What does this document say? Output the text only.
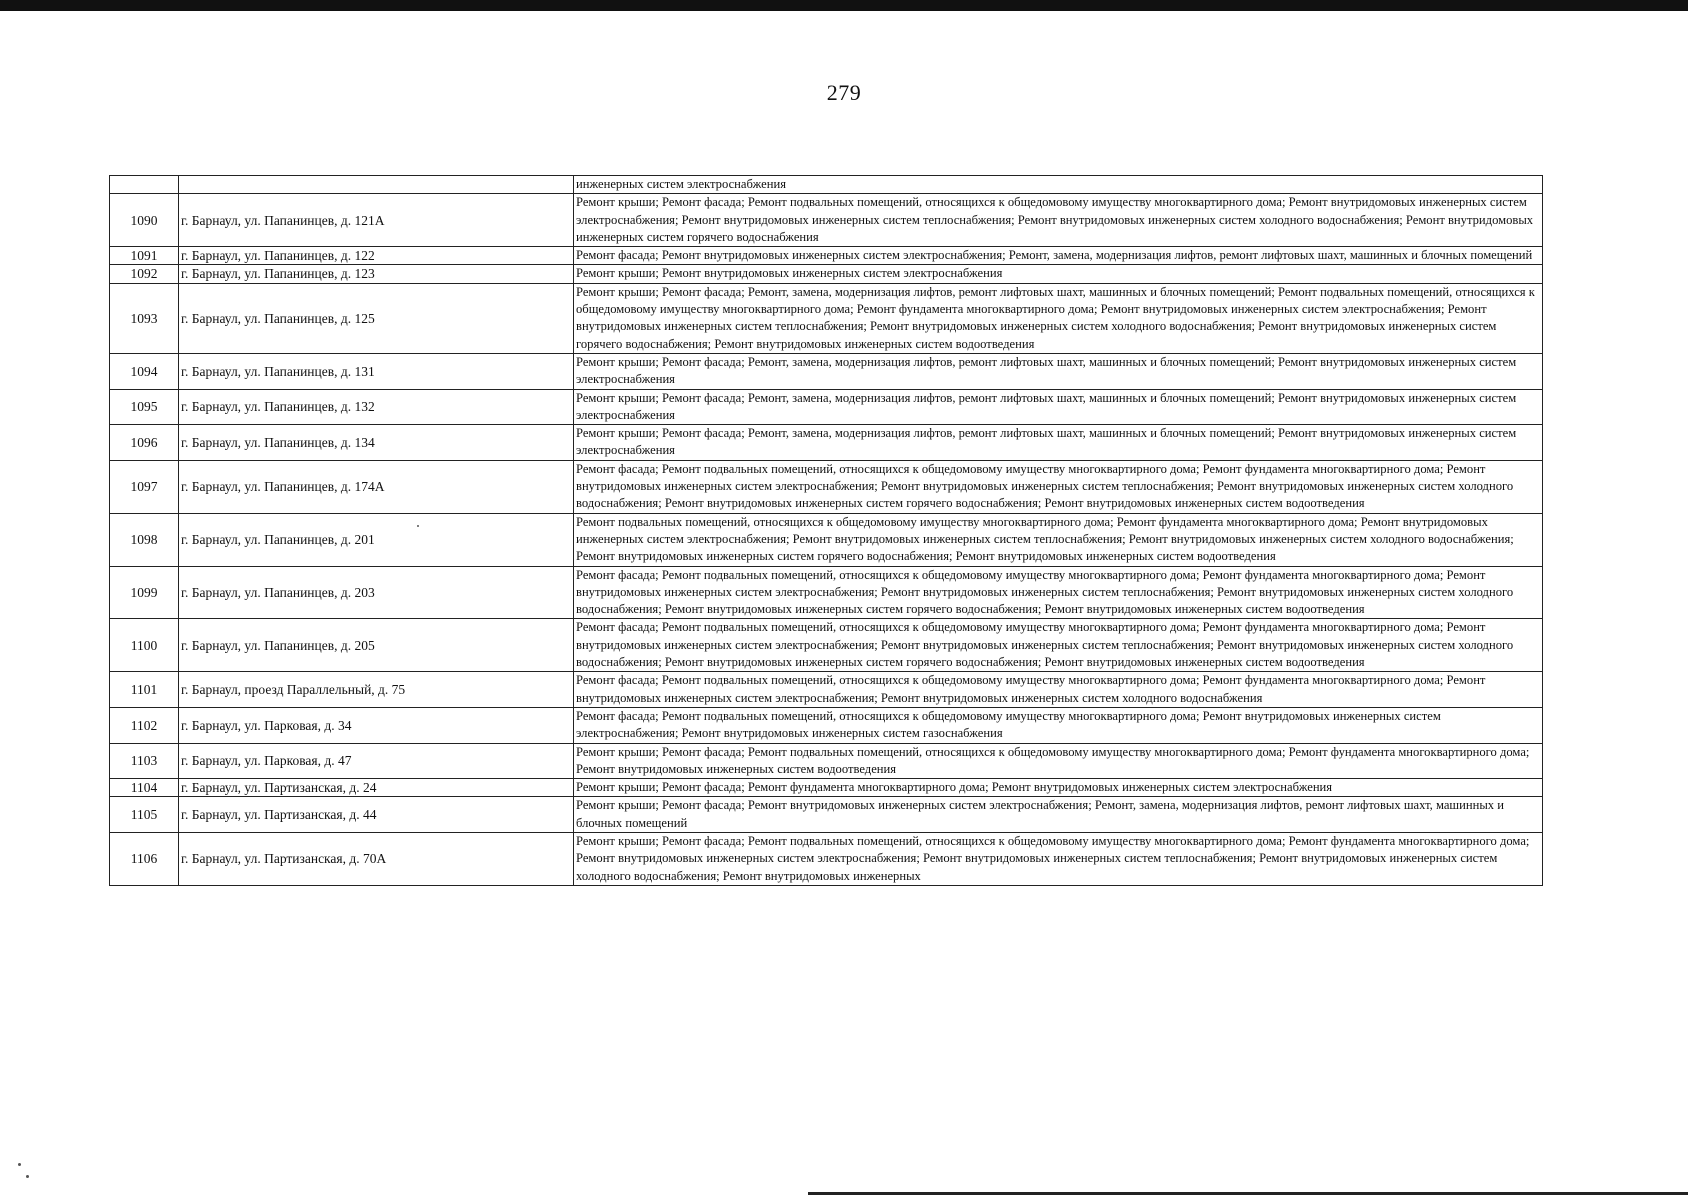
279
		инженерных систем электроснабжения
1090	г. Барнаул, ул. Папанинцев, д. 121А	Ремонт крыши; Ремонт фасада; Ремонт подвальных помещений, относящихся к общедомовому имуществу многоквартирного дома; Ремонт внутридомовых инженерных систем электроснабжения; Ремонт внутридомовых инженерных систем теплоснабжения; Ремонт внутридомовых инженерных систем холодного водоснабжения; Ремонт внутридомовых инженерных систем горячего водоснабжения
1091	г. Барнаул, ул. Папанинцев, д. 122	Ремонт фасада; Ремонт внутридомовых инженерных систем электроснабжения; Ремонт, замена, модернизация лифтов, ремонт лифтовых шахт, машинных и блочных помещений
1092	г. Барнаул, ул. Папанинцев, д. 123	Ремонт крыши; Ремонт внутридомовых инженерных систем электроснабжения
1093	г. Барнаул, ул. Папанинцев, д. 125	Ремонт крыши; Ремонт фасада; Ремонт, замена, модернизация лифтов, ремонт лифтовых шахт, машинных и блочных помещений; Ремонт подвальных помещений, относящихся к общедомовому имуществу многоквартирного дома; Ремонт фундамента многоквартирного дома; Ремонт внутридомовых инженерных систем электроснабжения; Ремонт внутридомовых инженерных систем теплоснабжения; Ремонт внутридомовых инженерных систем холодного водоснабжения; Ремонт внутридомовых инженерных систем горячего водоснабжения; Ремонт внутридомовых инженерных систем водоотведения
1094	г. Барнаул, ул. Папанинцев, д. 131	Ремонт крыши; Ремонт фасада; Ремонт, замена, модернизация лифтов, ремонт лифтовых шахт, машинных и блочных помещений; Ремонт внутридомовых инженерных систем электроснабжения
1095	г. Барнаул, ул. Папанинцев, д. 132	Ремонт крыши; Ремонт фасада; Ремонт, замена, модернизация лифтов, ремонт лифтовых шахт, машинных и блочных помещений; Ремонт внутридомовых инженерных систем электроснабжения
1096	г. Барнаул, ул. Папанинцев, д. 134	Ремонт крыши; Ремонт фасада; Ремонт, замена, модернизация лифтов, ремонт лифтовых шахт, машинных и блочных помещений; Ремонт внутридомовых инженерных систем электроснабжения
1097	г. Барнаул, ул. Папанинцев, д. 174А	Ремонт фасада; Ремонт подвальных помещений, относящихся к общедомовому имуществу многоквартирного дома; Ремонт фундамента многоквартирного дома; Ремонт внутридомовых инженерных систем электроснабжения; Ремонт внутридомовых инженерных систем теплоснабжения; Ремонт внутридомовых инженерных систем холодного водоснабжения; Ремонт внутридомовых инженерных систем горячего водоснабжения; Ремонт внутридомовых инженерных систем водоотведения
1098	г. Барнаул, ул. Папанинцев, д. 201	Ремонт подвальных помещений, относящихся к общедомовому имуществу многоквартирного дома; Ремонт фундамента многоквартирного дома; Ремонт внутридомовых инженерных систем электроснабжения; Ремонт внутридомовых инженерных систем теплоснабжения; Ремонт внутридомовых инженерных систем холодного водоснабжения; Ремонт внутридомовых инженерных систем горячего водоснабжения; Ремонт внутридомовых инженерных систем водоотведения
1099	г. Барнаул, ул. Папанинцев, д. 203	Ремонт фасада; Ремонт подвальных помещений, относящихся к общедомовому имуществу многоквартирного дома; Ремонт фундамента многоквартирного дома; Ремонт внутридомовых инженерных систем электроснабжения; Ремонт внутридомовых инженерных систем теплоснабжения; Ремонт внутридомовых инженерных систем холодного водоснабжения; Ремонт внутридомовых инженерных систем горячего водоснабжения; Ремонт внутридомовых инженерных систем водоотведения
1100	г. Барнаул, ул. Папанинцев, д. 205	Ремонт фасада; Ремонт подвальных помещений, относящихся к общедомовому имуществу многоквартирного дома; Ремонт фундамента многоквартирного дома; Ремонт внутридомовых инженерных систем электроснабжения; Ремонт внутридомовых инженерных систем теплоснабжения; Ремонт внутридомовых инженерных систем холодного водоснабжения; Ремонт внутридомовых инженерных систем горячего водоснабжения; Ремонт внутридомовых инженерных систем водоотведения
1101	г. Барнаул, проезд Параллельный, д. 75	Ремонт фасада; Ремонт подвальных помещений, относящихся к общедомовому имуществу многоквартирного дома; Ремонт фундамента многоквартирного дома; Ремонт внутридомовых инженерных систем электроснабжения; Ремонт внутридомовых инженерных систем холодного водоснабжения
1102	г. Барнаул, ул. Парковая, д. 34	Ремонт фасада; Ремонт подвальных помещений, относящихся к общедомовому имуществу многоквартирного дома; Ремонт внутридомовых инженерных систем электроснабжения; Ремонт внутридомовых инженерных систем газоснабжения
1103	г. Барнаул, ул. Парковая, д. 47	Ремонт крыши; Ремонт фасада; Ремонт подвальных помещений, относящихся к общедомовому имуществу многоквартирного дома; Ремонт фундамента многоквартирного дома; Ремонт внутридомовых инженерных систем водоотведения
1104	г. Барнаул, ул. Партизанская, д. 24	Ремонт крыши; Ремонт фасада; Ремонт фундамента многоквартирного дома; Ремонт внутридомовых инженерных систем электроснабжения
1105	г. Барнаул, ул. Партизанская, д. 44	Ремонт крыши; Ремонт фасада; Ремонт внутридомовых инженерных систем электроснабжения; Ремонт, замена, модернизация лифтов, ремонт лифтовых шахт, машинных и блочных помещений
1106	г. Барнаул, ул. Партизанская, д. 70А	Ремонт крыши; Ремонт фасада; Ремонт подвальных помещений, относящихся к общедомовому имуществу многоквартирного дома; Ремонт фундамента многоквартирного дома; Ремонт внутридомовых инженерных систем электроснабжения; Ремонт внутридомовых инженерных систем теплоснабжения; Ремонт внутридомовых инженерных систем холодного водоснабжения; Ремонт внутридомовых инженерных
